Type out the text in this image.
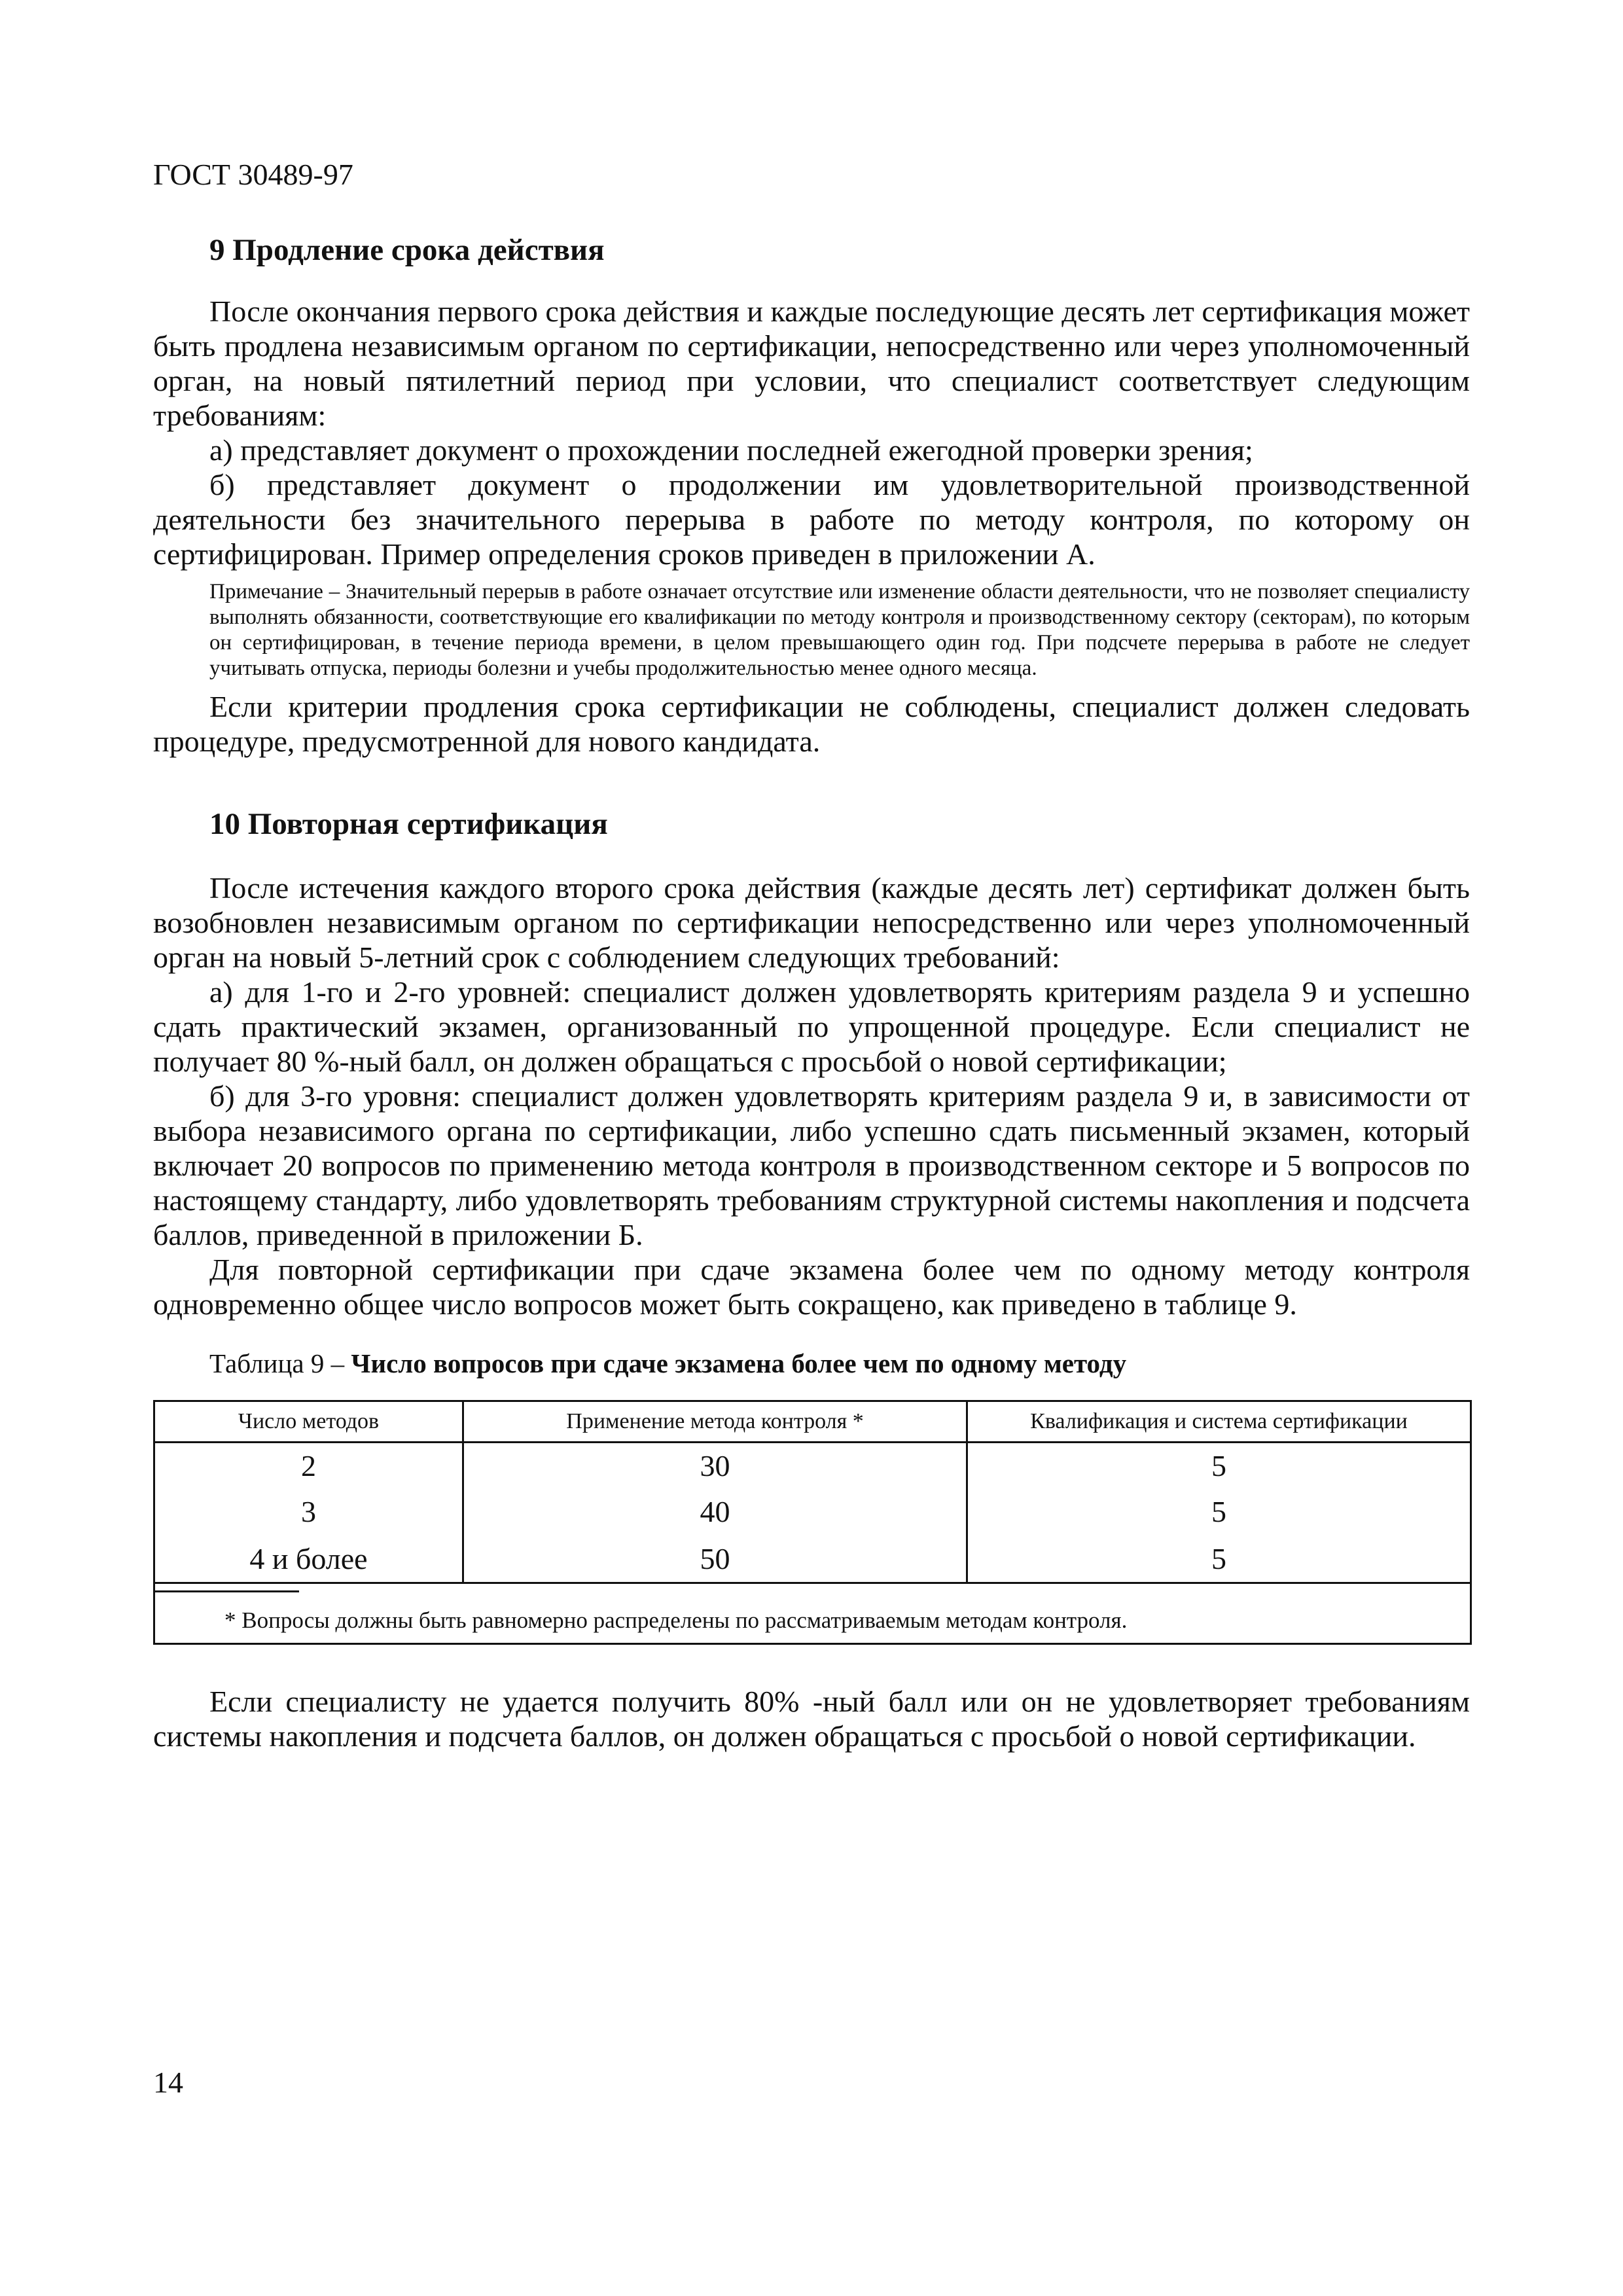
ГОСТ 30489-97
9 Продление срока действия

После окончания первого срока действия и каждые последующие десять лет сертификация может быть продлена независимым органом по сертификации, непосредственно или через уполномоченный орган, на новый пятилетний период при условии, что специалист соответствует следующим требованиям:

а) представляет документ о прохождении последней ежегодной проверки зрения;

б) представляет документ о продолжении им удовлетворительной производственной деятельности без значительного перерыва в работе по методу контроля, по которому он сертифицирован. Пример определения сроков приведен в приложении А.

Примечание – Значительный перерыв в работе означает отсутствие или изменение области деятельности, что не позволяет специалисту выполнять обязанности, соответствующие его квалификации по методу контроля и производственному сектору (секторам), по которым он сертифицирован, в течение периода времени, в целом превышающего один год. При подсчете перерыва в работе не следует учитывать отпуска, периоды болезни и учебы продолжительностью менее одного месяца.

Если критерии продления срока сертификации не соблюдены, специалист должен следовать процедуре, предусмотренной для нового кандидата.

10 Повторная сертификация

После истечения каждого второго срока действия (каждые десять лет) сертификат должен быть возобновлен независимым органом по сертификации непосредственно или через уполномоченный орган на новый 5-летний срок с соблюдением следующих требований:

а) для 1-го и 2-го уровней: специалист должен удовлетворять критериям раздела 9 и успешно сдать практический экзамен, организованный по упрощенной процедуре. Если специалист не получает 80 %-ный балл, он должен обращаться с просьбой о новой сертификации;

б) для 3-го уровня: специалист должен удовлетворять критериям раздела 9 и, в зависимости от выбора независимого органа по сертификации, либо успешно сдать письменный экзамен, который включает 20 вопросов по применению метода контроля в производственном секторе и 5 вопросов по настоящему стандарту, либо удовлетворять требованиям структурной системы накопления и подсчета баллов, приведенной в приложении Б.

Для повторной сертификации при сдаче экзамена более чем по одному методу контроля одновременно общее число вопросов может быть сокращено, как приведено в таблице 9.

Таблица 9 – Число вопросов при сдаче экзамена более чем по одному методу
Число методов	Применение метода контроля *	Квалификация и система сертификации
2	30	5
3	40	5
4 и более	50	5

* Вопросы должны быть равномерно распределены по рассматриваемым методам контроля.		

Если специалисту не удается получить 80% -ный балл или он не удовлетворяет требованиям системы накопления и подсчета баллов, он должен обращаться с просьбой о новой сертификации.

14
